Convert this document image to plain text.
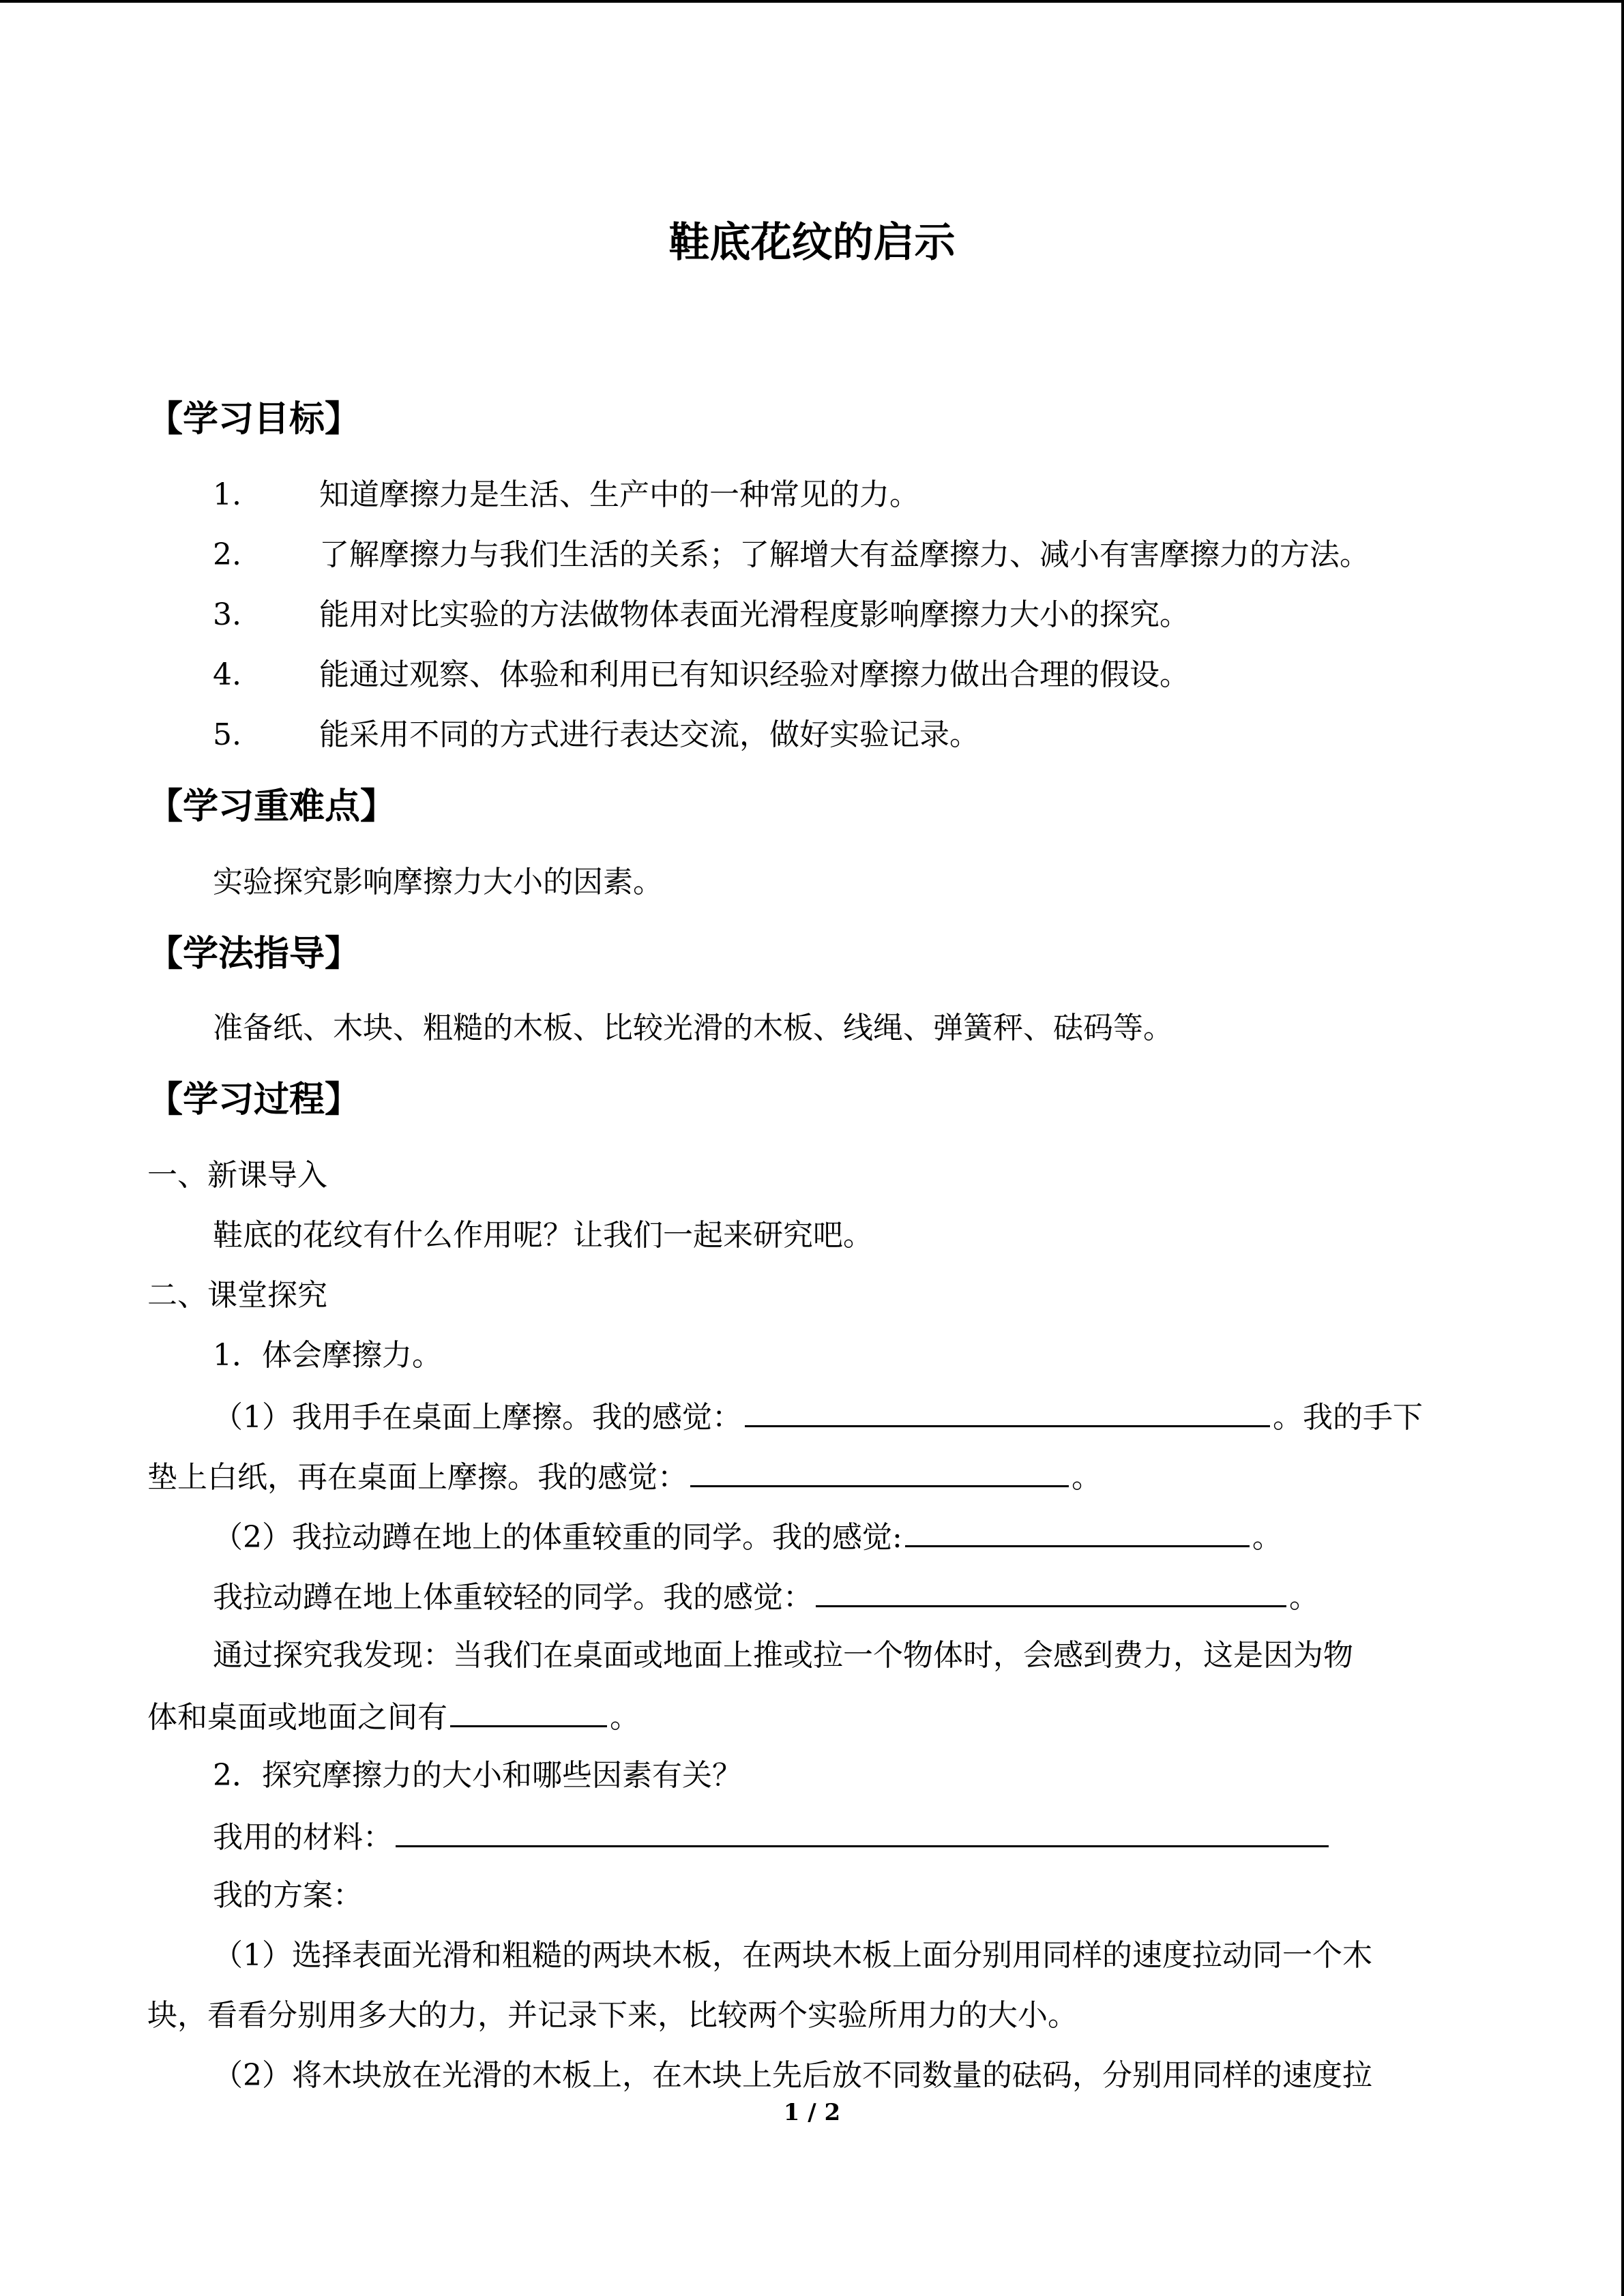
鞋底花纹的启示
【学习目标】
1.	知道摩擦力是生活、生产中的一种常见的力。
2.	了解摩擦力与我们生活的关系；了解增大有益摩擦力、减小有害摩擦力的方法。
3.	能用对比实验的方法做物体表面光滑程度影响摩擦力大小的探究。
4.	能通过观察、体验和利用已有知识经验对摩擦力做出合理的假设。
5.	能采用不同的方式进行表达交流，做好实验记录。
【学习重难点】
实验探究影响摩擦力大小的因素。
【学法指导】
准备纸、木块、粗糙的木板、比较光滑的木板、线绳、弹簧秤、砝码等。
【学习过程】
一、新课导入
鞋底的花纹有什么作用呢？让我们一起来研究吧。
二、课堂探究
1．体会摩擦力。
（1）我用手在桌面上摩擦。我的感觉：	。我的手下
垫上白纸，再在桌面上摩擦。我的感觉：	。
（2）我拉动蹲在地上的体重较重的同学。我的感觉:	。
我拉动蹲在地上体重较轻的同学。我的感觉：	。
通过探究我发现：当我们在桌面或地面上推或拉一个物体时，会感到费力，这是因为物
体和桌面或地面之间有	。
2．探究摩擦力的大小和哪些因素有关？
我用的材料：
我的方案：
（1）选择表面光滑和粗糙的两块木板，在两块木板上面分别用同样的速度拉动同一个木
块，看看分别用多大的力，并记录下来，比较两个实验所用力的大小。
（2）将木块放在光滑的木板上，在木块上先后放不同数量的砝码，分别用同样的速度拉
1 / 2
